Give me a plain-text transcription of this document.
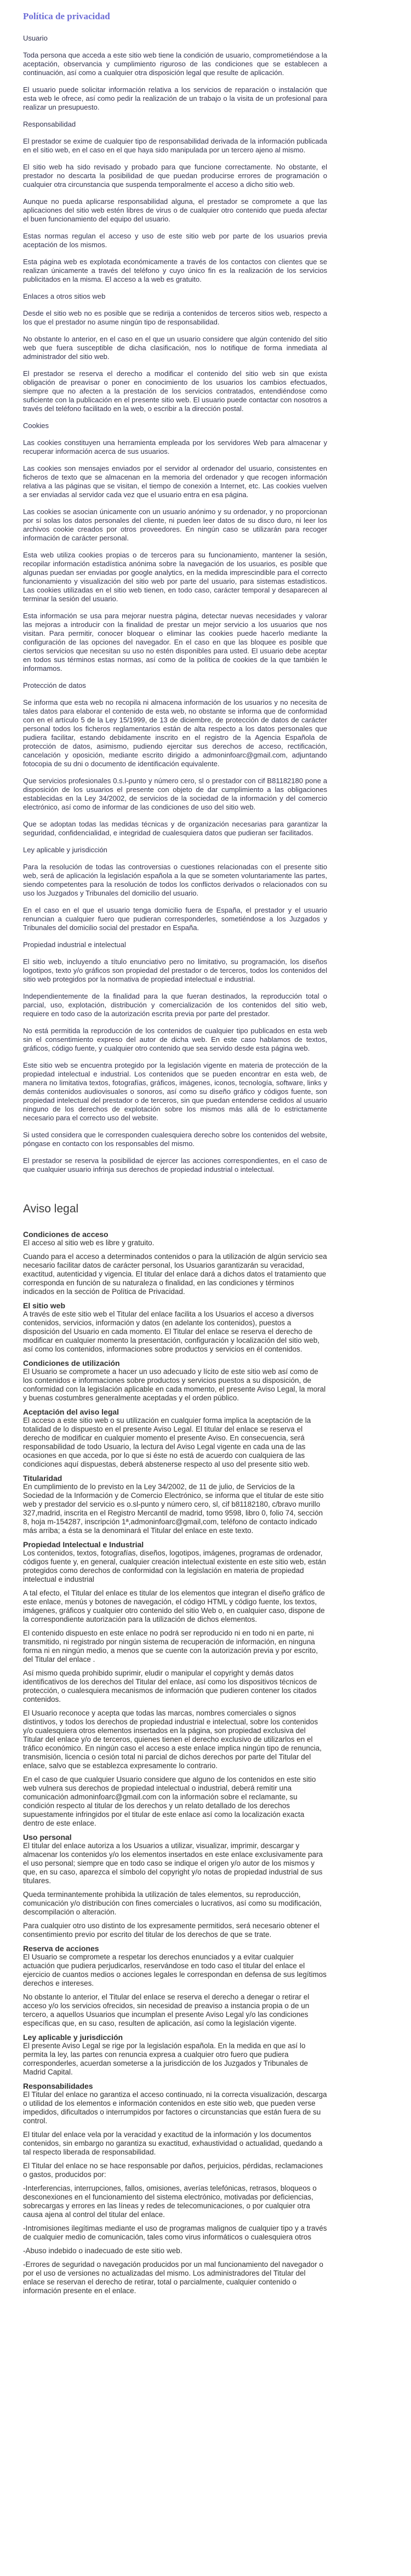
Política de privacidad
Usuario

Toda persona que acceda a este sitio web tiene la condición de usuario, comprometiéndose a la aceptación, observancia y cumplimiento riguroso de las condiciones que se establecen a continuación, así como a cualquier otra disposición legal que resulte de aplicación.

El usuario puede solicitar información relativa a los servicios de reparación o instalación que esta web le ofrece, así como pedir la realización de un trabajo o la visita de un profesional para realizar un presupuesto.

Responsabilidad

El prestador se exime de cualquier tipo de responsabilidad derivada de la información publicada en el sitio web, en el caso en el que haya sido manipulada por un tercero ajeno al mismo.

El sitio web ha sido revisado y probado para que funcione correctamente. No obstante, el prestador no descarta la posibilidad de que puedan producirse errores de programación o cualquier otra circunstancia que suspenda temporalmente el acceso a dicho sitio web.

Aunque no pueda aplicarse responsabilidad alguna, el prestador se compromete a que las aplicaciones del sitio web estén libres de virus o de cualquier otro contenido que pueda afectar el buen funcionamiento del equipo del usuario.

Estas normas regulan el acceso y uso de este sitio web por parte de los usuarios previa aceptación de los mismos.

Esta página web es explotada económicamente a través de los contactos con clientes que se realizan únicamente a través del teléfono y cuyo único fin es la realización de los servicios publicitados en la misma. El acceso a la web es gratuito.

Enlaces a otros sitios web

Desde el sitio web no es posible que se redirija a contenidos de terceros sitios web, respecto a los que el prestador no asume ningún tipo de responsabilidad.

No obstante lo anterior, en el caso en el que un usuario considere que algún contenido del sitio web que fuera susceptible de dicha clasificación, nos lo notifique de forma inmediata al administrador del sitio web.

El prestador se reserva el derecho a modificar el contenido del sitio web sin que exista obligación de preavisar o poner en conocimiento de los usuarios los cambios efectuados, siempre que no afecten a la prestación de los servicios contratados, entendiéndose como suficiente con la publicación en el presente sitio web. El usuario puede contactar con nosotros a través del teléfono facilitado en la web, o escribir a la dirección postal.

Cookies

Las cookies constituyen una herramienta empleada por los servidores Web para almacenar y recuperar información acerca de sus usuarios.

Las cookies son mensajes enviados por el servidor al ordenador del usuario, consistentes en ficheros de texto que se almacenan en la memoria del ordenador y que recogen información relativa a las páginas que se visitan, el tiempo de conexión a Internet, etc. Las cookies vuelven a ser enviadas al servidor cada vez que el usuario entra en esa página.

Las cookies se asocian únicamente con un usuario anónimo y su ordenador, y no proporcionan por sí solas los datos personales del cliente, ni pueden leer datos de su disco duro, ni leer los archivos cookie creados por otros proveedores. En ningún caso se utilizarán para recoger información de carácter personal.

Esta web utiliza cookies propias o de terceros para su funcionamiento, mantener la sesión, recopilar información estadística anónima sobre la navegación de los usuarios, es posible que algunas puedan ser enviadas por google analytics, en la medida imprescindible para el correcto funcionamiento y visualización del sitio web por parte del usuario, para sistemas estadísticos. Las cookies utilizadas en el sitio web tienen, en todo caso, carácter temporal y desaparecen al terminar la sesión del usuario.

Esta información se usa para mejorar nuestra página, detectar nuevas necesidades y valorar las mejoras a introducir con la finalidad de prestar un mejor servicio a los usuarios que nos visitan. Para permitir, conocer bloquear o eliminar las cookies puede hacerlo mediante la configuración de las opciones del navegador. En el caso en que las bloquee es posible que ciertos servicios que necesitan su uso no estén disponibles para usted. El usuario debe aceptar en todos sus términos estas normas, así como de la política de cookies de la que también le informamos.

Protección de datos

Se informa que esta web no recopila ni almacena información de los usuarios y no necesita de tales datos para elaborar el contenido de esta web, no obstante se informa que de conformidad con en el artículo 5 de la Ley 15/1999, de 13 de diciembre, de protección de datos de carácter personal todos los ficheros reglamentarios están de alta respecto a los datos personales que pudiera facilitar, estando debidamente inscrito en el registro de la Agencia Española de protección de datos, asimismo, pudiendo ejercitar sus derechos de acceso, rectificación, cancelación y oposición, mediante escrito dirigido a admoninfoarc@gmail.com, adjuntando fotocopia de su dni o documento de identificación equivalente.

Que servicios profesionales 0.s.l-punto y número cero, sl o prestador con cif B81182180 pone a disposición de los usuarios el presente con objeto de dar cumplimiento a las obligaciones establecidas en la Ley 34/2002, de servicios de la sociedad de la información y del comercio electrónico, así como de informar de las condiciones de uso del sitio web.

Que se adoptan todas las medidas técnicas y de organización necesarias para garantizar la seguridad, confidencialidad, e integridad de cualesquiera datos que pudieran ser facilitados.

Ley aplicable y jurisdicción

Para la resolución de todas las controversias o cuestiones relacionadas con el presente sitio web, será de aplicación la legislación española a la que se someten voluntariamente las partes, siendo competentes para la resolución de todos los conflictos derivados o relacionados con su uso los Juzgados y Tribunales del domicilio del usuario.

En el caso en el que el usuario tenga domicilio fuera de España, el prestador y el usuario renuncian a cualquier fuero que pudieran corresponderles, sometiéndose a los Juzgados y Tribunales del domicilio social del prestador en España.

Propiedad industrial e intelectual

El sitio web, incluyendo a título enunciativo pero no limitativo, su programación, los diseños logotipos, texto y/o gráficos son propiedad del prestador o de terceros, todos los contenidos del sitio web protegidos por la normativa de propiedad intelectual e industrial.

Independientemente de la finalidad para la que fueran destinados, la reproducción total o parcial, uso, explotación, distribución y comercialización de los contenidos del sitio web, requiere en todo caso de la autorización escrita previa por parte del prestador.

No está permitida la reproducción de los contenidos de cualquier tipo publicados en esta web sin el consentimiento expreso del autor de dicha web. En este caso hablamos de textos, gráficos, código fuente, y cualquier otro contenido que sea servido desde esta página web.

Este sitio web se encuentra protegido por la legislación vigente en materia de protección de la propiedad intelectual e industrial. Los contenidos que se pueden encontrar en esta web, de manera no limitativa textos, fotografías, gráficos, imágenes, iconos, tecnología, software, links y demás contenidos audiovisuales o sonoros, así como su diseño gráfico y códigos fuente, son propiedad intelectual del prestador o de terceros, sin que puedan entenderse cedidos al usuario ninguno de los derechos de explotación sobre los mismos más allá de lo estrictamente necesario para el correcto uso del website.

Si usted considera que le corresponden cualesquiera derecho sobre los contenidos del website, póngase en contacto con los responsables del mismo.

El prestador se reserva la posibilidad de ejercer las acciones correspondientes, en el caso de que cualquier usuario infrinja sus derechos de propiedad industrial o intelectual.

Aviso legal
Condiciones de acceso

El acceso al sitio web es libre y gratuito.

Cuando para el acceso a determinados contenidos o para la utilización de algún servicio sea necesario facilitar datos de carácter personal, los Usuarios garantizarán su veracidad, exactitud, autenticidad y vigencia. El titular del enlace dará a dichos datos el tratamiento que corresponda en función de su naturaleza o finalidad, en las condiciones y términos indicados en la sección de Política de Privacidad.

El sitio web

A través de este sitio web el Titular del enlace facilita a los Usuarios el acceso a diversos contenidos, servicios, información y datos (en adelante los contenidos), puestos a disposición del Usuario en cada momento. El Titular del enlace se reserva el derecho de modificar en cualquier momento la presentación, configuración y localización del sitio web, así como los contenidos, informaciones sobre productos y servicios en él contenidos.

Condiciones de utilización

El Usuario se compromete a hacer un uso adecuado y lícito de este sitio web así como de los contenidos e informaciones sobre productos y servicios puestos a su disposición, de conformidad con la legislación aplicable en cada momento, el presente Aviso Legal, la moral y buenas costumbres generalmente aceptadas y el orden público.

Aceptación del aviso legal

El acceso a este sitio web o su utilización en cualquier forma implica la aceptación de la totalidad de lo dispuesto en el presente Aviso Legal. El titular del enlace se reserva el derecho de modificar en cualquier momento el presente Aviso. En consecuencia, será responsabilidad de todo Usuario, la lectura del Aviso Legal vigente en cada una de las ocasiones en que acceda, por lo que si éste no está de acuerdo con cualquiera de las condiciones aquí dispuestas, deberá abstenerse respecto al uso del presente sitio web.

Titularidad

En cumplimiento de lo previsto en la Ley 34/2002, de 11 de julio, de Servicios de la Sociedad de la Información y de Comercio Electrónico, se informa que el titular de este sitio web y prestador del servicio es o.sl-punto y número cero, sl, cif b81182180, c/bravo murillo 327,madrid, inscrita en el Registro Mercantil de madrid, tomo 9598, libro 0, folio 74, sección 8, hoja m-154287, inscripción 1ª,admoninfoarc@gmail,com, teléfono de contacto indicado más arriba; a ésta se la denominará el Titular del enlace en este texto.

Propiedad Intelectual e Industrial

Los contenidos, textos, fotografías, diseños, logotipos, imágenes, programas de ordenador, códigos fuente y, en general, cualquier creación intelectual existente en este sitio web, están protegidos como derechos de conformidad con la legislación en materia de propiedad intelectual e industrial

A tal efecto, el Titular del enlace es titular de los elementos que integran el diseño gráfico de este enlace, menús y botones de navegación, el código HTML y código fuente, los textos, imágenes, gráficos y cualquier otro contenido del sitio Web o, en cualquier caso, dispone de la correspondiente autorización para la utilización de dichos elementos.

El contenido dispuesto en este enlace no podrá ser reproducido ni en todo ni en parte, ni transmitido, ni registrado por ningún sistema de recuperación de información, en ninguna forma ni en ningún medio, a menos que se cuente con la autorización previa y por escrito, del Titular del enlace .

Así mismo queda prohibido suprimir, eludir o manipular el copyright y demás datos identificativos de los derechos del Titular del enlace, así como los dispositivos técnicos de protección, o cualesquiera mecanismos de información que pudieren contener los citados contenidos.

El Usuario reconoce y acepta que todas las marcas, nombres comerciales o signos distintivos, y todos los derechos de propiedad industrial e intelectual, sobre los contenidos y/o cualesquiera otros elementos insertados en la página, son propiedad exclusiva del Titular del enlace y/o de terceros, quienes tienen el derecho exclusivo de utilizarlos en el tráfico económico. En ningún caso el acceso a este enlace implica ningún tipo de renuncia, transmisión, licencia o cesión total ni parcial de dichos derechos por parte del Titular del enlace, salvo que se establezca expresamente lo contrario.

En el caso de que cualquier Usuario considere que alguno de los contenidos en este sitio web vulnera sus derechos de propiedad intelectual o industrial, deberá remitir una comunicación admoninfoarc@gmail.com con la información sobre el reclamante, su condición respecto al titular de los derechos y un relato detallado de los derechos supuestamente infringidos por el titular de este enlace así como la localización exacta dentro de este enlace.

Uso personal

El titular del enlace autoriza a los Usuarios a utilizar, visualizar, imprimir, descargar y almacenar los contenidos y/o los elementos insertados en este enlace exclusivamente para el uso personal; siempre que en todo caso se indique el origen y/o autor de los mismos y que, en su caso, aparezca el símbolo del copyright y/o notas de propiedad industrial de sus titulares.

Queda terminantemente prohibida la utilización de tales elementos, su reproducción, comunicación y/o distribución con fines comerciales o lucrativos, así como su modificación, descompilación o alteración.

Para cualquier otro uso distinto de los expresamente permitidos, será necesario obtener el consentimiento previo por escrito del titular de los derechos de que se trate.

Reserva de acciones

El Usuario se compromete a respetar los derechos enunciados y a evitar cualquier actuación que pudiera perjudicarlos, reservándose en todo caso el titular del enlace el ejercicio de cuantos medios o acciones legales le correspondan en defensa de sus legítimos derechos e intereses.

No obstante lo anterior, el Titular del enlace se reserva el derecho a denegar o retirar el acceso y/o los servicios ofrecidos, sin necesidad de preaviso a instancia propia o de un tercero, a aquellos Usuarios que incumplan el presente Aviso Legal y/o las condiciones específicas que, en su caso, resulten de aplicación, así como la legislación vigente.

Ley aplicable y jurisdicción

El presente Aviso Legal se rige por la legislación española. En la medida en que así lo permita la ley, las partes con renuncia expresa a cualquier otro fuero que pudiera corresponderles, acuerdan someterse a la jurisdicción de los Juzgados y Tribunales de Madrid Capital.

Responsabilidades

El Titular del enlace no garantiza el acceso continuado, ni la correcta visualización, descarga o utilidad de los elementos e información contenidos en este sitio web, que pueden verse impedidos, dificultados o interrumpidos por factores o circunstancias que están fuera de su control.

El titular del enlace vela por la veracidad y exactitud de la información y los documentos contenidos, sin embargo no garantiza su exactitud, exhaustividad o actualidad, quedando a tal respecto liberada de responsabilidad.

El Titular del enlace no se hace responsable por daños, perjuicios, pérdidas, reclamaciones o gastos, producidos por:

-Interferencias, interrupciones, fallos, omisiones, averías telefónicas, retrasos, bloqueos o desconexiones en el funcionamiento del sistema electrónico, motivadas por deficiencias, sobrecargas y errores en las líneas y redes de telecomunicaciones, o por cualquier otra causa ajena al control del titular del enlace.

-Intromisiones ilegítimas mediante el uso de programas malignos de cualquier tipo y a través de cualquier medio de comunicación, tales como virus informáticos o cualesquiera otros

-Abuso indebido o inadecuado de este sitio web.

-Errores de seguridad o navegación producidos por un mal funcionamiento del navegador o por el uso de versiones no actualizadas del mismo. Los administradores del Titular del enlace se reservan el derecho de retirar, total o parcialmente, cualquier contenido o información presente en el enlace.
